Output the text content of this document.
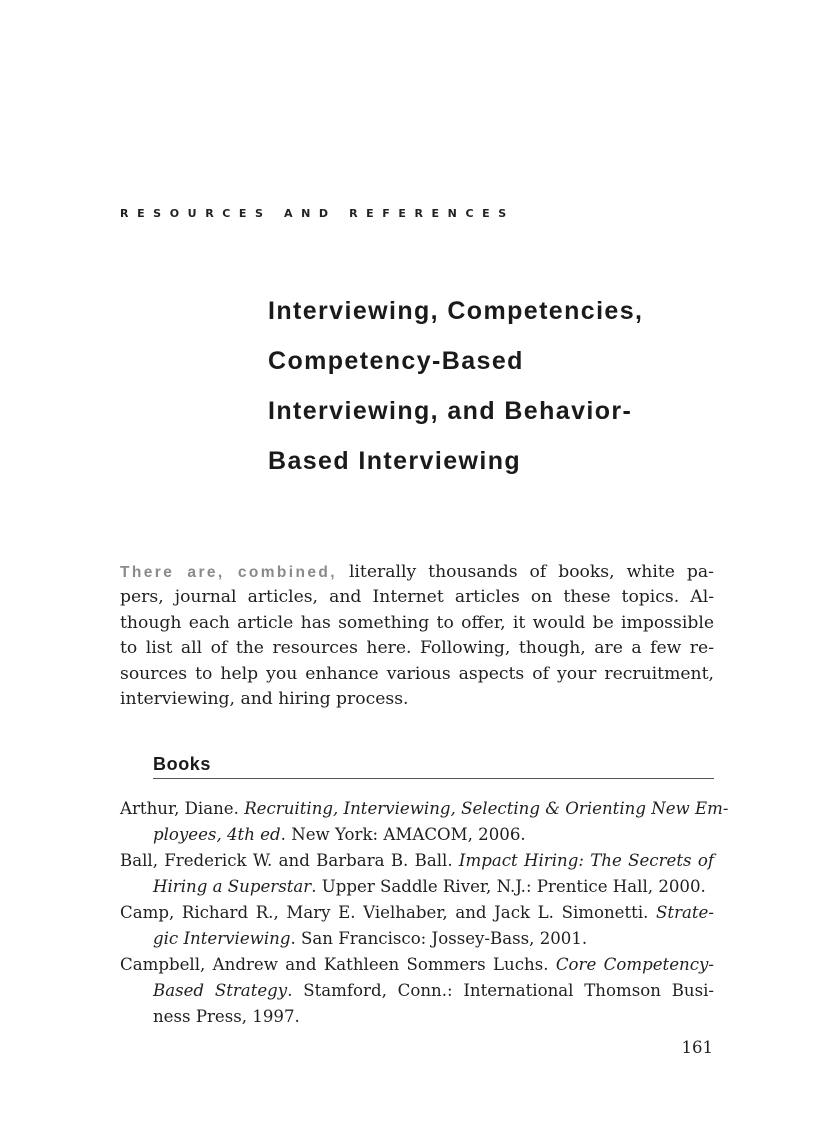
RESOURCES AND REFERENCES
Interviewing, Competencies,
Competency-Based
Interviewing, and Behavior-
Based Interviewing
There are, combined, literally thousands of books, white pa-
pers, journal articles, and Internet articles on these topics. Al-
though each article has something to offer, it would be impossible
to list all of the resources here. Following, though, are a few re-
sources to help you enhance various aspects of your recruitment,
interviewing, and hiring process.
Books
Arthur, Diane. Recruiting, Interviewing, Selecting & Orienting New Em-
ployees, 4th ed. New York: AMACOM, 2006.
Ball, Frederick W. and Barbara B. Ball. Impact Hiring: The Secrets of
Hiring a Superstar. Upper Saddle River, N.J.: Prentice Hall, 2000.
Camp, Richard R., Mary E. Vielhaber, and Jack L. Simonetti. Strate-
gic Interviewing. San Francisco: Jossey-Bass, 2001.
Campbell, Andrew and Kathleen Sommers Luchs. Core Competency-
Based Strategy. Stamford, Conn.: International Thomson Busi-
ness Press, 1997.
161
